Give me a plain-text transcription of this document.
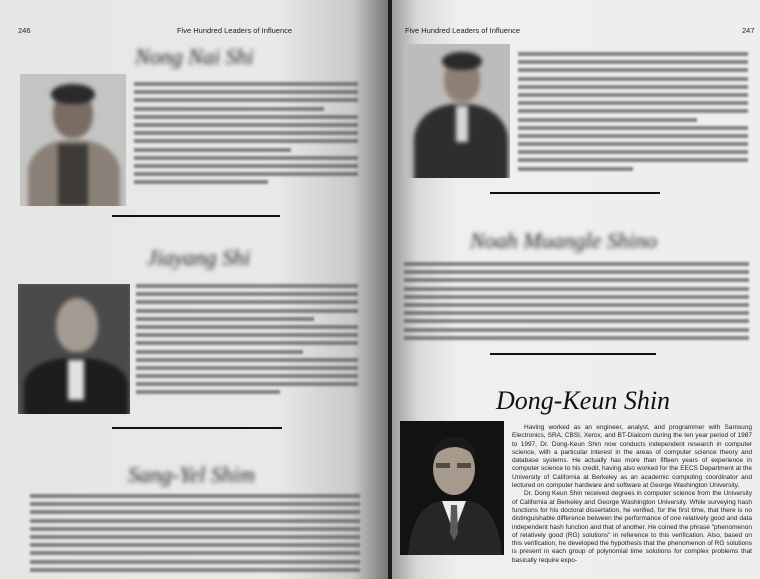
246	Five Hundred Leaders of Influence
Nong Nai Shi
Jiayang Shi
Sang-Yel Shim
Five Hundred Leaders of Influence	247
Noah Muangle Shino
Dong-Keun Shin

Having worked as an engineer, analyst, and programmer with Samsung Electronics, SRA, CBSI, Xerox, and BT-Dialcom during the ten year period of 1987 to 1997, Dr. Dong-Keun Shin now conducts independent research in computer science, with a particular interest in the areas of computer science theory and database systems. He actually has more than fifteen years of experience in computer science to his credit, having also worked for the EECS Department at the University of California at Berkeley as an academic computing coordinator and lectured on computer hardware and software at George Washington University.

Dr. Dong Keun Shin received degrees in computer science from the University of California at Berkeley and George Washington University. While surveying hash functions for his doctoral dissertation, he verified, for the first time, that there is no distinguishable difference between the performance of one relatively good and data independent hash function and that of another. He coined the phrase "phenomenon of relatively good (RG) solutions" in reference to this verification. Also, based on this verification, he developed the hypothesis that the phenomenon of RG solutions is present in each group of polynomial time solutions for complex problems that basically require expo-
